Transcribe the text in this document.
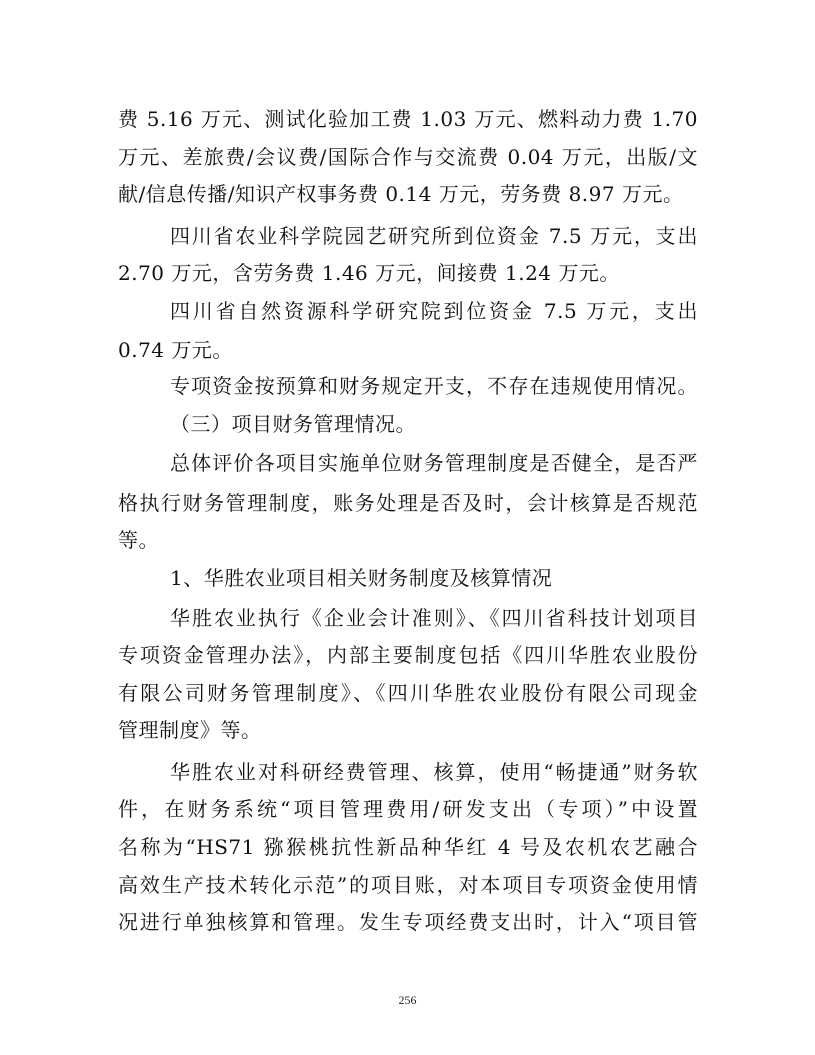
费 5.16 万元、测试化验加工费 1.03 万元、燃料动力费 1.70
万元、差旅费/会议费/国际合作与交流费 0.04 万元，出版/文
献/信息传播/知识产权事务费 0.14 万元，劳务费 8.97 万元。
四川省农业科学院园艺研究所到位资金 7.5 万元，支出
2.70 万元，含劳务费 1.46 万元，间接费 1.24 万元。
四川省自然资源科学研究院到位资金 7.5 万元，支出
0.74 万元。
专项资金按预算和财务规定开支，不存在违规使用情况。
（三）项目财务管理情况。
总体评价各项目实施单位财务管理制度是否健全，是否严
格执行财务管理制度，账务处理是否及时，会计核算是否规范
等。
1、华胜农业项目相关财务制度及核算情况
华胜农业执行《企业会计准则》、《四川省科技计划项目
专项资金管理办法》，内部主要制度包括《四川华胜农业股份
有限公司财务管理制度》、《四川华胜农业股份有限公司现金
管理制度》等。
华胜农业对科研经费管理、核算，使用“畅捷通”财务软
件，在财务系统“项目管理费用/研发支出（专项）”中设置
名称为“HS71 猕猴桃抗性新品种华红 4 号及农机农艺融合
高效生产技术转化示范”的项目账，对本项目专项资金使用情
况进行单独核算和管理。发生专项经费支出时，计入“项目管
256
